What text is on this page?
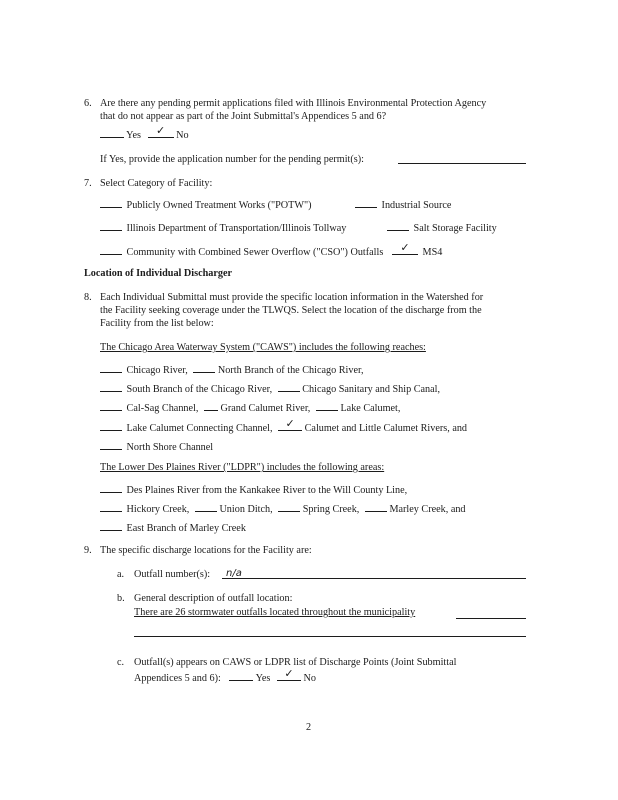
6. Are there any pending permit applications filed with Illinois Environmental Protection Agency
that do not appear as part of the Joint Submittal's Appendices 5 and 6?
Yes	✓	No
If Yes, provide the application number for the pending permit(s):
7. Select Category of Facility:
Publicly Owned Treatment Works ("POTW")	Industrial Source
Illinois Department of Transportation/Illinois Tollway	Salt Storage Facility
Community with Combined Sewer Overflow ("CSO") Outfalls	✓	MS4
Location of Individual Discharger
8. Each Individual Submittal must provide the specific location information in the Watershed for
the Facility seeking coverage under the TLWQS. Select the location of the discharge from the
Facility from the list below:
The Chicago Area Waterway System ("CAWS") includes the following reaches:
Chicago River,	North Branch of the Chicago River,
South Branch of the Chicago River,	Chicago Sanitary and Ship Canal,
Cal-Sag Channel, Grand Calumet River,	Lake Calumet,
Lake Calumet Connecting Channel,	✓ Calumet and Little Calumet Rivers, and
North Shore Channel
The Lower Des Plaines River ("LDPR") includes the following areas:
Des Plaines River from the Kankakee River to the Will County Line,
Hickory Creek,	Union Ditch,	Spring Creek,	Marley Creek, and
East Branch of Marley Creek
9. The specific discharge locations for the Facility are:
a. Outfall number(s): n/a
b. General description of outfall location:
There are 26 stormwater outfalls located throughout the municipality
c. Outfall(s) appears on CAWS or LDPR list of Discharge Points (Joint Submittal
Appendices 5 and 6):	Yes	✓ No
2
